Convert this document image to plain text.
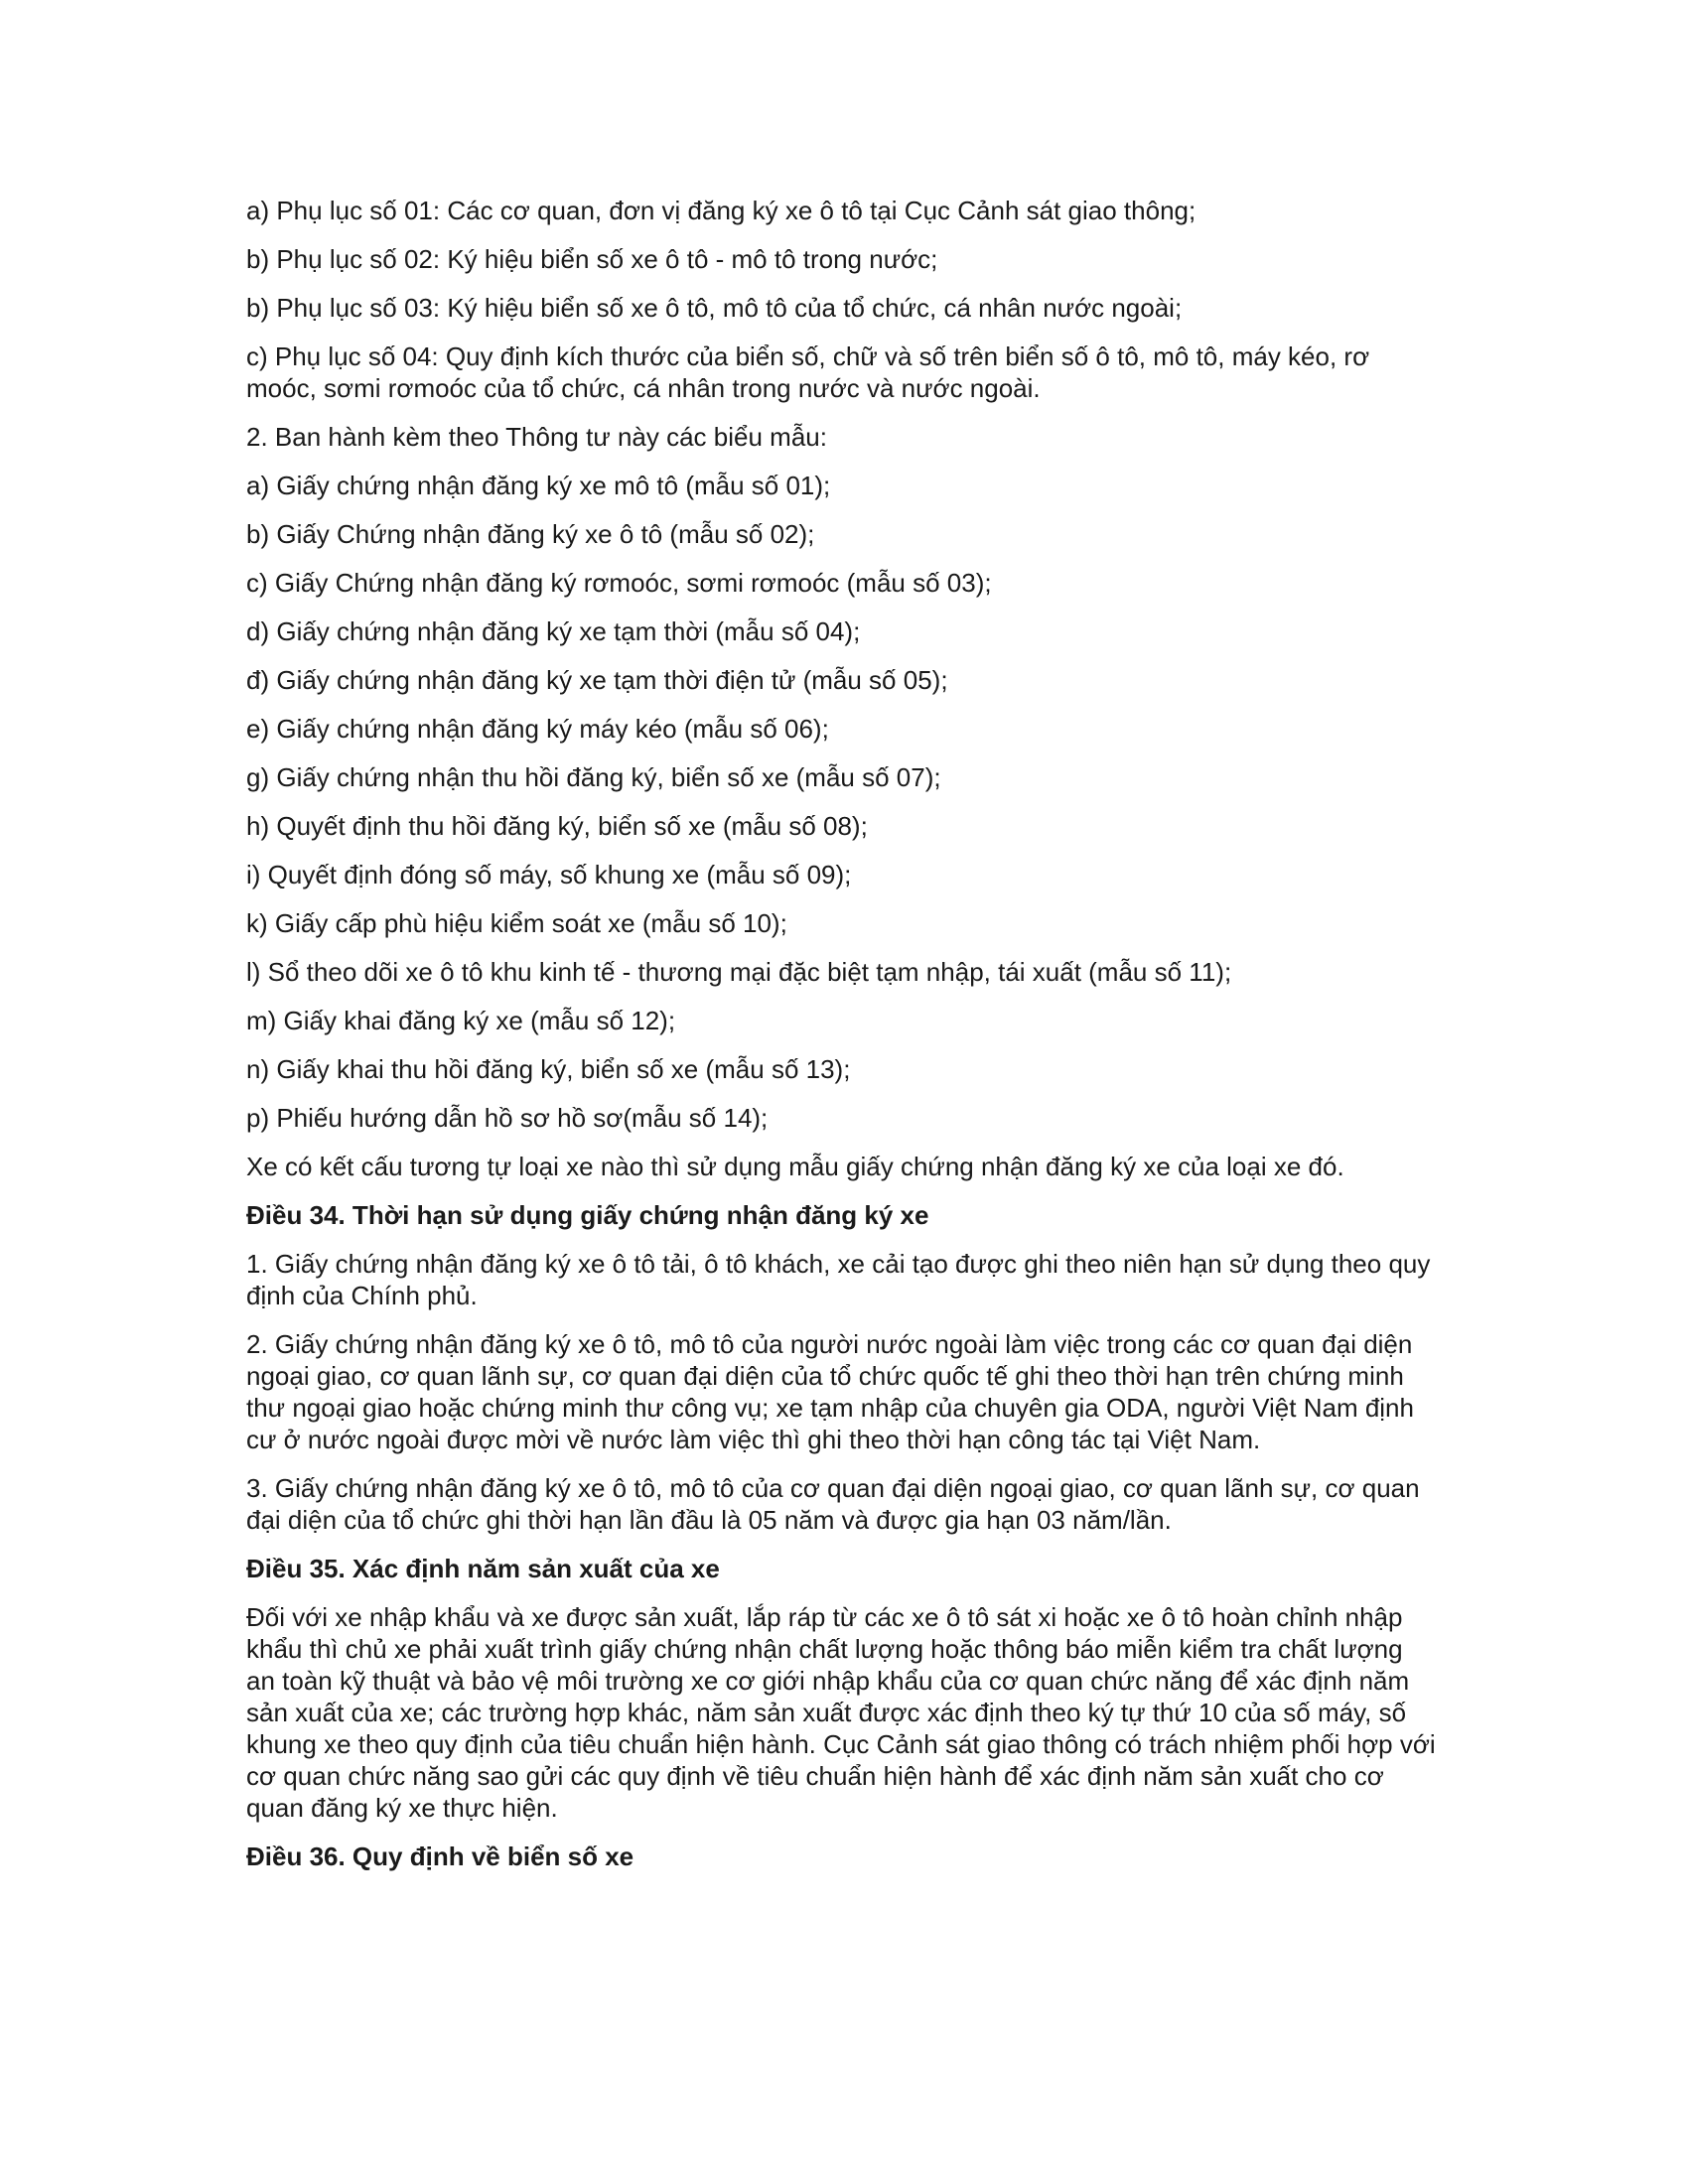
a) Phụ lục số 01: Các cơ quan, đơn vị đăng ký xe ô tô tại Cục Cảnh sát giao thông;

b) Phụ lục số 02: Ký hiệu biển số xe ô tô - mô tô trong nước;

b) Phụ lục số 03: Ký hiệu biển số xe ô tô, mô tô của tổ chức, cá nhân nước ngoài;

c) Phụ lục số 04: Quy định kích thước của biển số, chữ và số trên biển số ô tô, mô tô, máy kéo, rơ moóc, sơmi rơmoóc của tổ chức, cá nhân trong nước và nước ngoài.

2. Ban hành kèm theo Thông tư này các biểu mẫu:

a) Giấy chứng nhận đăng ký xe mô tô (mẫu số 01);

b) Giấy Chứng nhận đăng ký xe ô tô (mẫu số 02);

c) Giấy Chứng nhận đăng ký rơmoóc, sơmi rơmoóc (mẫu số 03);

d) Giấy chứng nhận đăng ký xe tạm thời (mẫu số 04);

đ) Giấy chứng nhận đăng ký xe tạm thời điện tử (mẫu số 05);

e) Giấy chứng nhận đăng ký máy kéo (mẫu số 06);

g) Giấy chứng nhận thu hồi đăng ký, biển số xe (mẫu số 07);

h) Quyết định thu hồi đăng ký, biển số xe (mẫu số 08);

i) Quyết định đóng số máy, số khung xe (mẫu số 09);

k) Giấy cấp phù hiệu kiểm soát xe (mẫu số 10);

l) Sổ theo dõi xe ô tô khu kinh tế - thương mại đặc biệt tạm nhập, tái xuất (mẫu số 11);

m) Giấy khai đăng ký xe (mẫu số 12);

n) Giấy khai thu hồi đăng ký, biển số xe (mẫu số 13);

p) Phiếu hướng dẫn hồ sơ hồ sơ(mẫu số 14);

Xe có kết cấu tương tự loại xe nào thì sử dụng mẫu giấy chứng nhận đăng ký xe của loại xe đó.

Điều 34. Thời hạn sử dụng giấy chứng nhận đăng ký xe

1. Giấy chứng nhận đăng ký xe ô tô tải, ô tô khách, xe cải tạo được ghi theo niên hạn sử dụng theo quy định của Chính phủ.

2. Giấy chứng nhận đăng ký xe ô tô, mô tô của người nước ngoài làm việc trong các cơ quan đại diện ngoại giao, cơ quan lãnh sự, cơ quan đại diện của tổ chức quốc tế ghi theo thời hạn trên chứng minh thư ngoại giao hoặc chứng minh thư công vụ; xe tạm nhập của chuyên gia ODA, người Việt Nam định cư ở nước ngoài được mời về nước làm việc thì ghi theo thời hạn công tác tại Việt Nam.

3. Giấy chứng nhận đăng ký xe ô tô, mô tô của cơ quan đại diện ngoại giao, cơ quan lãnh sự, cơ quan đại diện của tổ chức ghi thời hạn lần đầu là 05 năm và được gia hạn 03 năm/lần.

Điều 35. Xác định năm sản xuất của xe

Đối với xe nhập khẩu và xe được sản xuất, lắp ráp từ các xe ô tô sát xi hoặc xe ô tô hoàn chỉnh nhập khẩu thì chủ xe phải xuất trình giấy chứng nhận chất lượng hoặc thông báo miễn kiểm tra chất lượng an toàn kỹ thuật và bảo vệ môi trường xe cơ giới nhập khẩu của cơ quan chức năng để xác định năm sản xuất của xe; các trường hợp khác, năm sản xuất được xác định theo ký tự thứ 10 của số máy, số khung xe theo quy định của tiêu chuẩn hiện hành. Cục Cảnh sát giao thông có trách nhiệm phối hợp với cơ quan chức năng sao gửi các quy định về tiêu chuẩn hiện hành để xác định năm sản xuất cho cơ quan đăng ký xe thực hiện.

Điều 36. Quy định về biển số xe
